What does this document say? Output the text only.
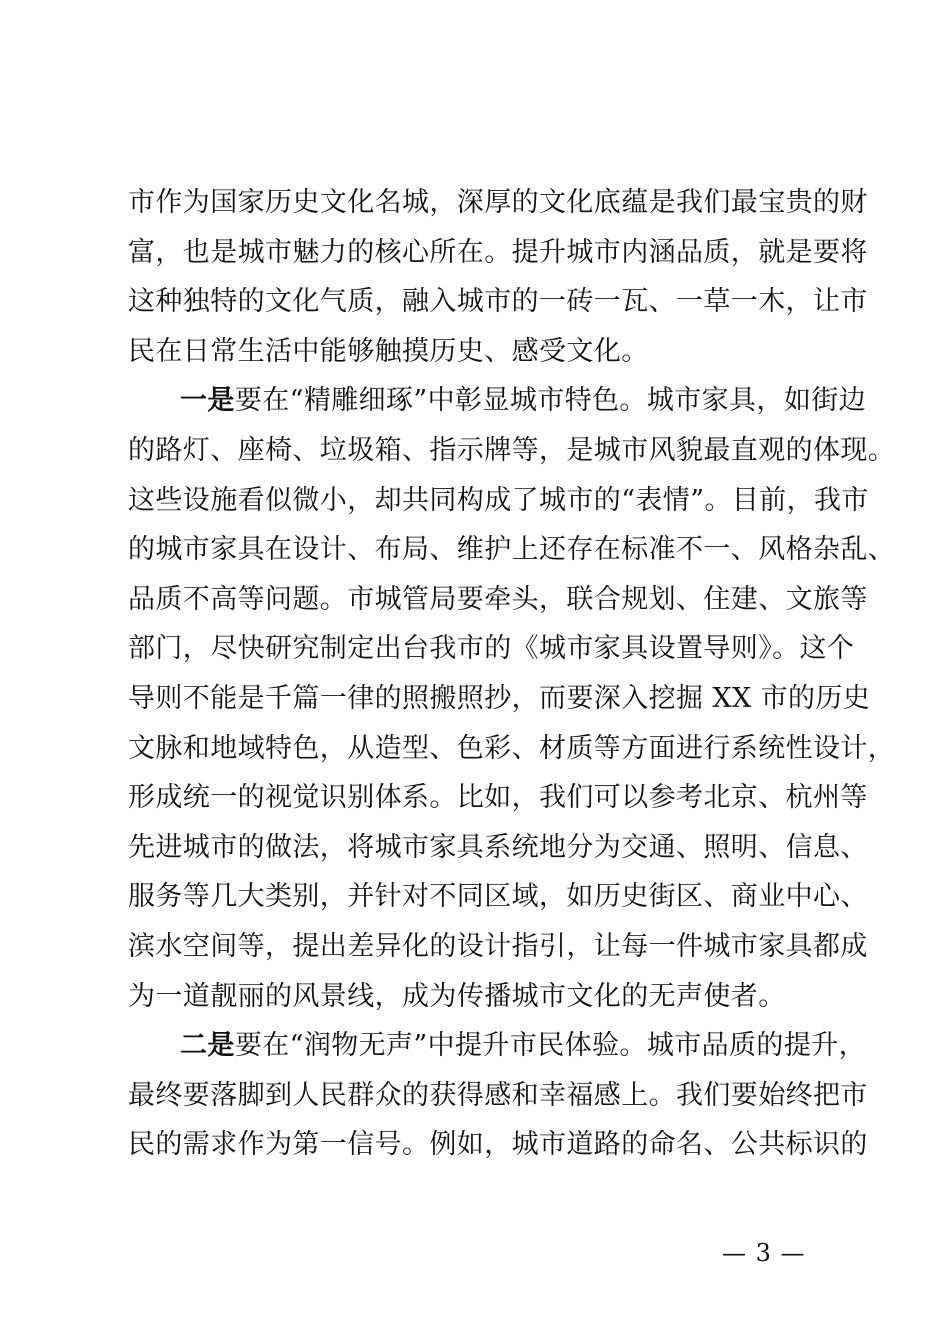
市作为国家历史文化名城，深厚的文化底蕴是我们最宝贵的财
富，也是城市魅力的核心所在。提升城市内涵品质，就是要将
这种独特的文化气质，融入城市的一砖一瓦、一草一木，让市
民在日常生活中能够触摸历史、感受文化。
一是要在“精雕细琢”中彰显城市特色。城市家具，如街边
的路灯、座椅、垃圾箱、指示牌等，是城市风貌最直观的体现。
这些设施看似微小，却共同构成了城市的“表情”。目前，我市
的城市家具在设计、布局、维护上还存在标准不一、风格杂乱、
品质不高等问题。市城管局要牵头，联合规划、住建、文旅等
部门，尽快研究制定出台我市的《城市家具设置导则》。这个
导则不能是千篇一律的照搬照抄，而要深入挖掘 XX 市的历史
文脉和地域特色，从造型、色彩、材质等方面进行系统性设计，
形成统一的视觉识别体系。比如，我们可以参考北京、杭州等
先进城市的做法，将城市家具系统地分为交通、照明、信息、
服务等几大类别，并针对不同区域，如历史街区、商业中心、
滨水空间等，提出差异化的设计指引，让每一件城市家具都成
为一道靓丽的风景线，成为传播城市文化的无声使者。
二是要在“润物无声”中提升市民体验。城市品质的提升，
最终要落脚到人民群众的获得感和幸福感上。我们要始终把市
民的需求作为第一信号。例如，城市道路的命名、公共标识的
— 3 —
